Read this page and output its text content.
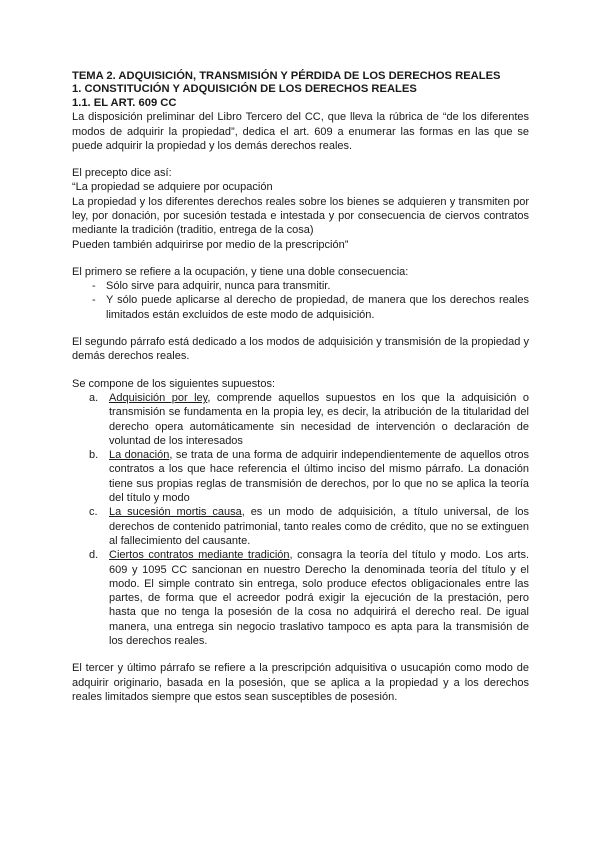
TEMA 2. ADQUISICIÓN, TRANSMISIÓN Y PÉRDIDA DE LOS DERECHOS REALES
1. CONSTITUCIÓN Y ADQUISICIÓN DE LOS DERECHOS REALES
1.1. EL ART. 609 CC

La disposición preliminar del Libro Tercero del CC, que lleva la rúbrica de “de los diferentes modos de adquirir la propiedad”, dedica el art. 609 a enumerar las formas en las que se puede adquirir la propiedad y los demás derechos reales.

El precepto dice así:

“La propiedad se adquiere por ocupación

La propiedad y los diferentes derechos reales sobre los bienes se adquieren y transmiten por ley, por donación, por sucesión testada e intestada y por consecuencia de ciervos contratos mediante la tradición (traditio, entrega de la cosa)

Pueden también adquirirse por medio de la prescripción”

El primero se refiere a la ocupación, y tiene una doble consecuencia:

- Sólo sirve para adquirir, nunca para transmitir.
- Y sólo puede aplicarse al derecho de propiedad, de manera que los derechos reales limitados están excluidos de este modo de adquisición.

El segundo párrafo está dedicado a los modos de adquisición y transmisión de la propiedad y demás derechos reales.

Se compone de los siguientes supuestos:

a. Adquisición por ley, comprende aquellos supuestos en los que la adquisición o transmisión se fundamenta en la propia ley, es decir, la atribución de la titularidad del derecho opera automáticamente sin necesidad de intervención o declaración de voluntad de los interesados
b. La donación, se trata de una forma de adquirir independientemente de aquellos otros contratos a los que hace referencia el último inciso del mismo párrafo. La donación tiene sus propias reglas de transmisión de derechos, por lo que no se aplica la teoría del título y modo
c. La sucesión mortis causa, es un modo de adquisición, a título universal, de los derechos de contenido patrimonial, tanto reales como de crédito, que no se extinguen al fallecimiento del causante.
d. Ciertos contratos mediante tradición, consagra la teoría del título y modo. Los arts. 609 y 1095 CC sancionan en nuestro Derecho la denominada teoría del título y el modo. El simple contrato sin entrega, solo produce efectos obligacionales entre las partes, de forma que el acreedor podrá exigir la ejecución de la prestación, pero hasta que no tenga la posesión de la cosa no adquirirá el derecho real. De igual manera, una entrega sin negocio traslativo tampoco es apta para la transmisión de los derechos reales.

El tercer y último párrafo se refiere a la prescripción adquisitiva o usucapión como modo de adquirir originario, basada en la posesión, que se aplica a la propiedad y a los derechos reales limitados siempre que estos sean susceptibles de posesión.
